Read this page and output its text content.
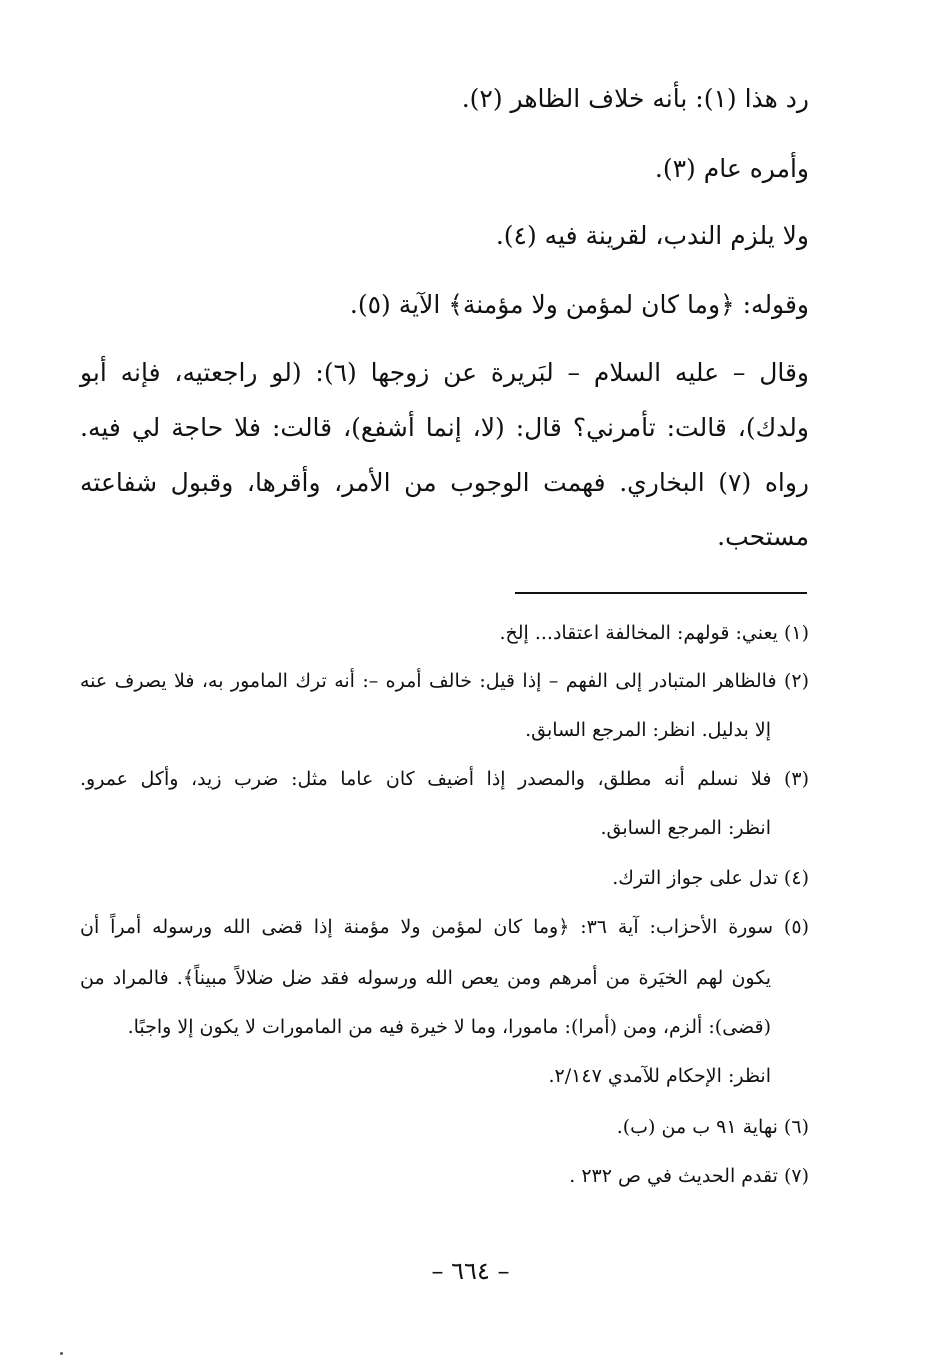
رد هذا (١): بأنه خلاف الظاهر (٢).
وأمره عام (٣).
ولا يلزم الندب، لقرينة فيه (٤).
وقوله: ﴿وما كان لمؤمن ولا مؤمنة﴾ الآية (٥).
وقال – عليه السلام – لبَريرة عن زوجها (٦): (لو راجعتيه، فإنه أبو
ولدك)، قالت: تأمرني؟ قال: (لا، إنما أشفع)، قالت: فلا حاجة لي فيه.
رواه (٧) البخاري. فهمت الوجوب من الأمر، وأقرها، وقبول شفاعته
مستحب.
(١) يعني: قولهم: المخالفة اعتقاد... إلخ.
(٢) فالظاهر المتبادر إلى الفهم – إذا قيل: خالف أمره –: أنه ترك المامور به، فلا يصرف عنه
إلا بدليل. انظر: المرجع السابق.
(٣) فلا نسلم أنه مطلق، والمصدر إذا أضيف كان عاما مثل: ضرب زيد، وأكل عمرو.
انظر: المرجع السابق.
(٤) تدل على جواز الترك.
(٥) سورة الأحزاب: آية ٣٦: ﴿وما كان لمؤمن ولا مؤمنة إذا قضى الله ورسوله أمراً أن
يكون لهم الخيَرة من أمرهم ومن يعص الله ورسوله فقد ضل ضلالاً مبيناً﴾. فالمراد من
(قضى): ألزم، ومن (أمرا): مامورا، وما لا خيرة فيه من المامورات لا يكون إلا واجبًا.
انظر: الإحكام للآمدي ٢/١٤٧.
(٦) نهاية ٩١ ب من (ب).
(٧) تقدم الحديث في ص ٢٣٢ .
– ٦٦٤ –
